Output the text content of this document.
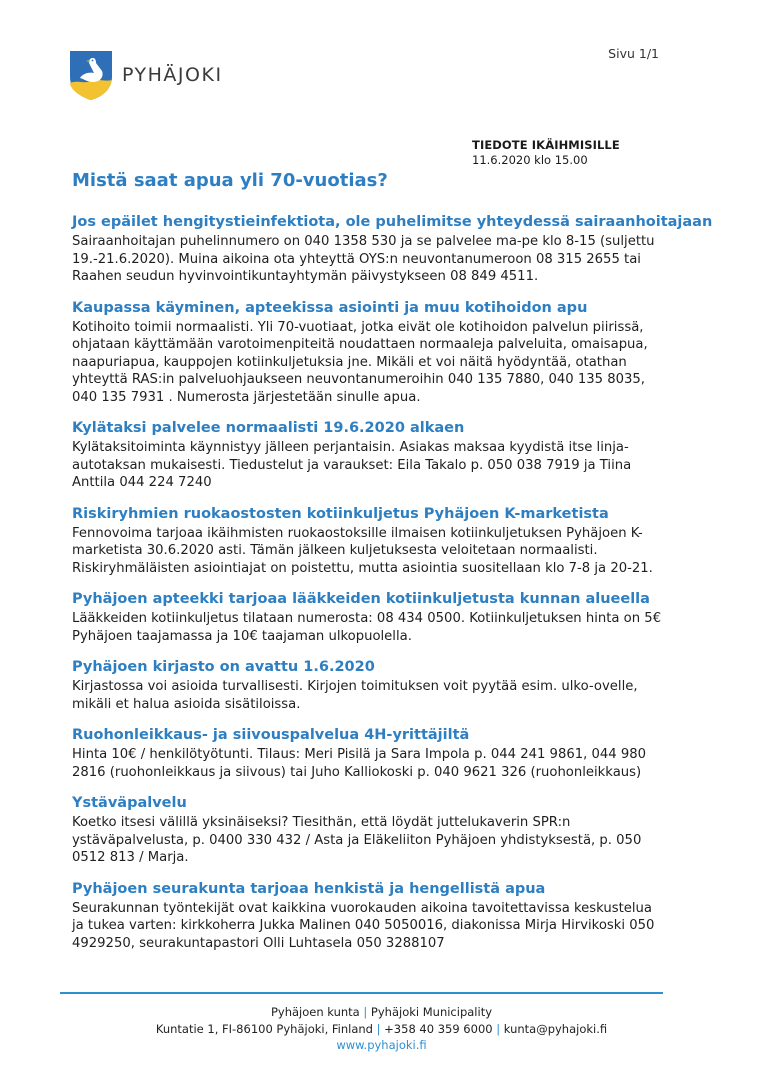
PYHÄJOKI
Sivu 1/1
TIEDOTE IKÄIHMISILLE
11.6.2020 klo 15.00
Mistä saat apua yli 70-vuotias?
Jos epäilet hengitystieinfektiota, ole puhelimitse yhteydessä sairaanhoitajaan

Sairaanhoitajan puhelinnumero on 040 1358 530 ja se palvelee ma-pe klo 8-15 (suljettu 19.-21.6.2020). Muina aikoina ota yhteyttä OYS:n neuvontanumeroon 08 315 2655 tai Raahen seudun hyvinvointikuntayhtymän päivystykseen 08 849 4511.

Kaupassa käyminen, apteekissa asiointi ja muu kotihoidon apu

Kotihoito toimii normaalisti. Yli 70-vuotiaat, jotka eivät ole kotihoidon palvelun piirissä, ohjataan käyttämään varotoimenpiteitä noudattaen normaaleja palveluita, omaisapua, naapuriapua, kauppojen kotiinkuljetuksia jne. Mikäli et voi näitä hyödyntää, otathan yhteyttä RAS:in palveluohjaukseen neuvontanumeroihin 040 135 7880, 040 135 8035, 040 135 7931 . Numerosta järjestetään sinulle apua.

Kylätaksi palvelee normaalisti 19.6.2020 alkaen

Kylätaksitoiminta käynnistyy jälleen perjantaisin. Asiakas maksaa kyydistä itse linja-autotaksan mukaisesti. Tiedustelut ja varaukset: Eila Takalo p. 050 038 7919 ja Tiina Anttila 044 224 7240

Riskiryhmien ruokaostosten kotiinkuljetus Pyhäjoen K-marketista

Fennovoima tarjoaa ikäihmisten ruokaostoksille ilmaisen kotiinkuljetuksen Pyhäjoen K-marketista 30.6.2020 asti. Tämän jälkeen kuljetuksesta veloitetaan normaalisti. Riskiryhmäläisten asiointiajat on poistettu, mutta asiointia suositellaan klo 7-8 ja 20-21.

Pyhäjoen apteekki tarjoaa lääkkeiden kotiinkuljetusta kunnan alueella

Lääkkeiden kotiinkuljetus tilataan numerosta: 08 434 0500. Kotiinkuljetuksen hinta on 5€ Pyhäjoen taajamassa ja 10€ taajaman ulkopuolella.

Pyhäjoen kirjasto on avattu 1.6.2020

Kirjastossa voi asioida turvallisesti. Kirjojen toimituksen voit pyytää esim. ulko-ovelle, mikäli et halua asioida sisätiloissa.

Ruohonleikkaus- ja siivouspalvelua 4H-yrittäjiltä

Hinta 10€ / henkilötyötunti. Tilaus: Meri Pisilä ja Sara Impola p. 044 241 9861, 044 980 2816 (ruohonleikkaus ja siivous) tai Juho Kalliokoski p. 040 9621 326 (ruohonleikkaus)

Ystäväpalvelu

Koetko itsesi välillä yksinäiseksi? Tiesithän, että löydät juttelukaverin SPR:n ystäväpalvelusta, p. 0400 330 432 / Asta ja Eläkeliiton Pyhäjoen yhdistyksestä, p. 050 0512 813 / Marja.

Pyhäjoen seurakunta tarjoaa henkistä ja hengellistä apua

Seurakunnan työntekijät ovat kaikkina vuorokauden aikoina tavoitettavissa keskustelua ja tukea varten: kirkkoherra Jukka Malinen 040 5050016, diakonissa Mirja Hirvikoski 050 4929250, seurakuntapastori Olli Luhtasela 050 3288107

Pyhäjoen kunta | Pyhäjoki Municipality
Kuntatie 1, FI-86100 Pyhäjoki, Finland | +358 40 359 6000 | kunta@pyhajoki.fi
www.pyhajoki.fi
